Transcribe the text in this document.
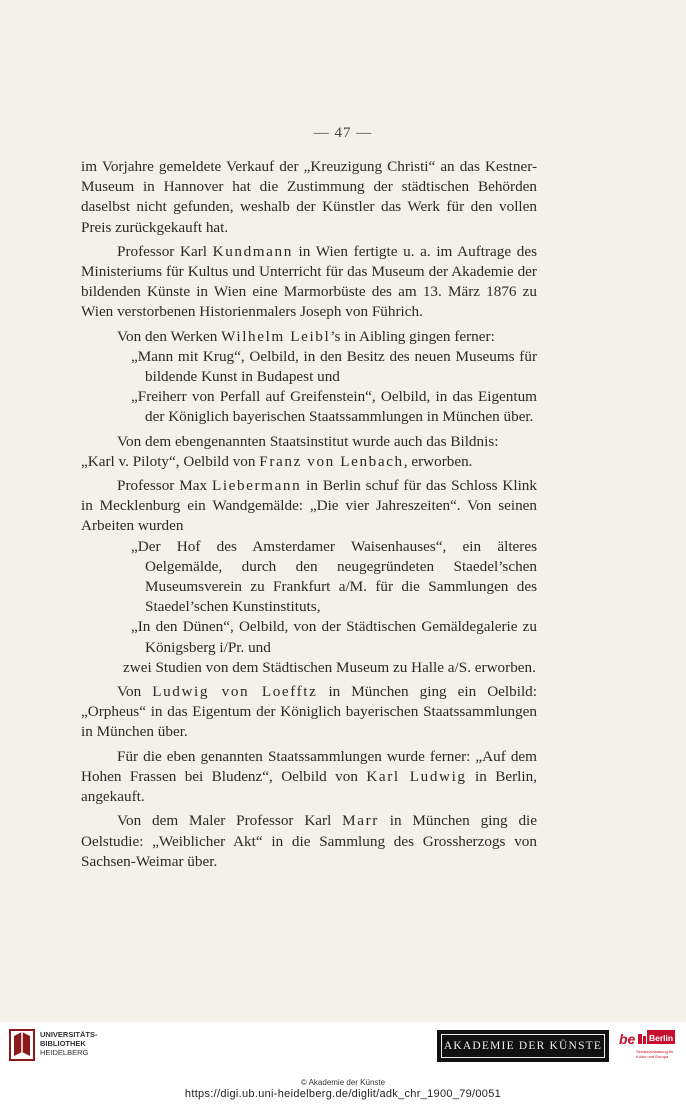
— 47 —

im Vorjahre gemeldete Verkauf der „Kreuzigung Christi“ an das Kestner-Museum in Hannover hat die Zustimmung der städtischen Behörden daselbst nicht gefunden, weshalb der Künstler das Werk für den vollen Preis zurückgekauft hat.

Professor Karl Kundmann in Wien fertigte u. a. im Auftrage des Ministeriums für Kultus und Unterricht für das Museum der Akademie der bildenden Künste in Wien eine Marmorbüste des am 13. März 1876 zu Wien verstorbenen Historienmalers Joseph von Führich.

Von den Werken Wilhelm Leibl’s in Aibling gingen ferner:

„Mann mit Krug“, Oelbild, in den Besitz des neuen Museums für bildende Kunst in Budapest und

„Freiherr von Perfall auf Greifenstein“, Oelbild, in das Eigentum der Königlich bayerischen Staatssammlungen in München über.

Von dem ebengenannten Staatsinstitut wurde auch das Bildnis:

„Karl v. Piloty“, Oelbild von Franz von Lenbach, erworben.

Professor Max Liebermann in Berlin schuf für das Schloss Klink in Mecklenburg ein Wandgemälde: „Die vier Jahreszeiten“. Von seinen Arbeiten wurden

„Der Hof des Amsterdamer Waisenhauses“, ein älteres Oelgemälde, durch den neugegründeten Staedel’schen Museumsverein zu Frankfurt a/M. für die Sammlungen des Staedel’schen Kunstinstituts,

„In den Dünen“, Oelbild, von der Städtischen Gemäldegalerie zu Königsberg i/Pr. und

zwei Studien von dem Städtischen Museum zu Halle a/S. erworben.

Von Ludwig von Loefftz in München ging ein Oelbild: „Orpheus“ in das Eigentum der Königlich bayerischen Staatssammlungen in München über.

Für die eben genannten Staatssammlungen wurde ferner: „Auf dem Hohen Frassen bei Bludenz“, Oelbild von Karl Ludwig in Berlin, angekauft.

Von dem Maler Professor Karl Marr in München ging die Oelstudie: „Weiblicher Akt“ in die Sammlung des Grossherzogs von Sachsen-Weimar über.

UNIVERSITÄTS-
BIBLIOTHEK
HEIDELBERG
AKADEMIE DER KÜNSTE be Berlin
Senatsverwaltung für Kultur und Europa
© Akademie der Künste
https://digi.ub.uni-heidelberg.de/diglit/adk_chr_1900_79/0051
